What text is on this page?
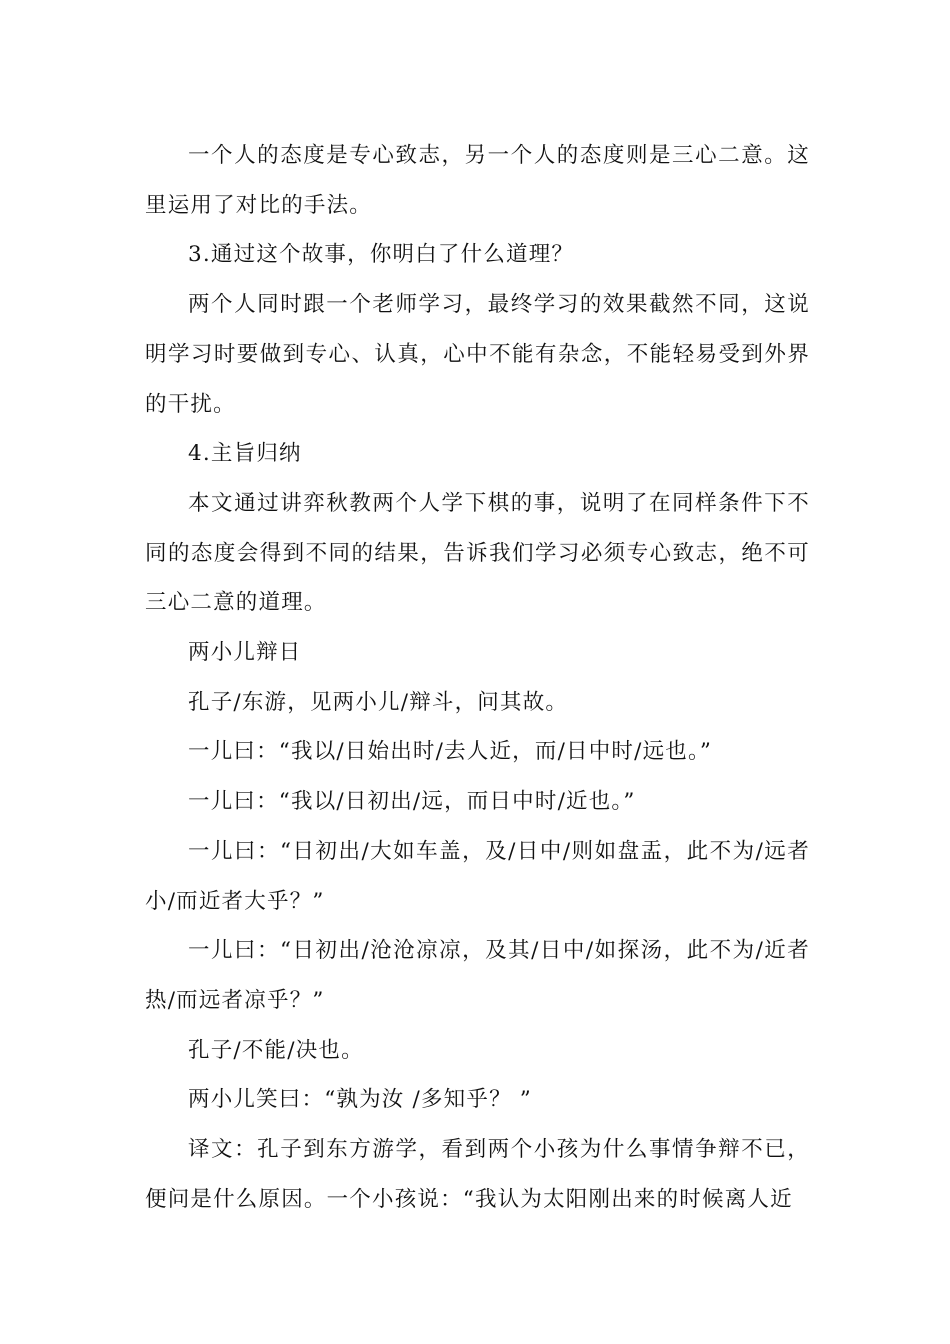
一个人的态度是专心致志，另一个人的态度则是三心二意。这里运用了对比的手法。

3.通过这个故事，你明白了什么道理？

两个人同时跟一个老师学习，最终学习的效果截然不同，这说明学习时要做到专心、认真，心中不能有杂念，不能轻易受到外界的干扰。

4.主旨归纳

本文通过讲弈秋教两个人学下棋的事，说明了在同样条件下不同的态度会得到不同的结果，告诉我们学习必须专心致志，绝不可三心二意的道理。

两小儿辩日

孔子/东游，见两小儿/辩斗，问其故。

一儿曰：“我以/日始出时/去人近，而/日中时/远也。”

一儿曰：“我以/日初出/远，而日中时/近也。”

一儿曰：“日初出/大如车盖，及/日中/则如盘盂，此不为/远者小/而近者大乎？”

一儿曰：“日初出/沧沧凉凉，及其/日中/如探汤，此不为/近者热/而远者凉乎？”

孔子/不能/决也。

两小儿笑曰：“孰为汝 /多知乎？ ”

译文：孔子到东方游学，看到两个小孩为什么事情争辩不已，便问是什么原因。一个小孩说：“我认为太阳刚出来的时候离人近
